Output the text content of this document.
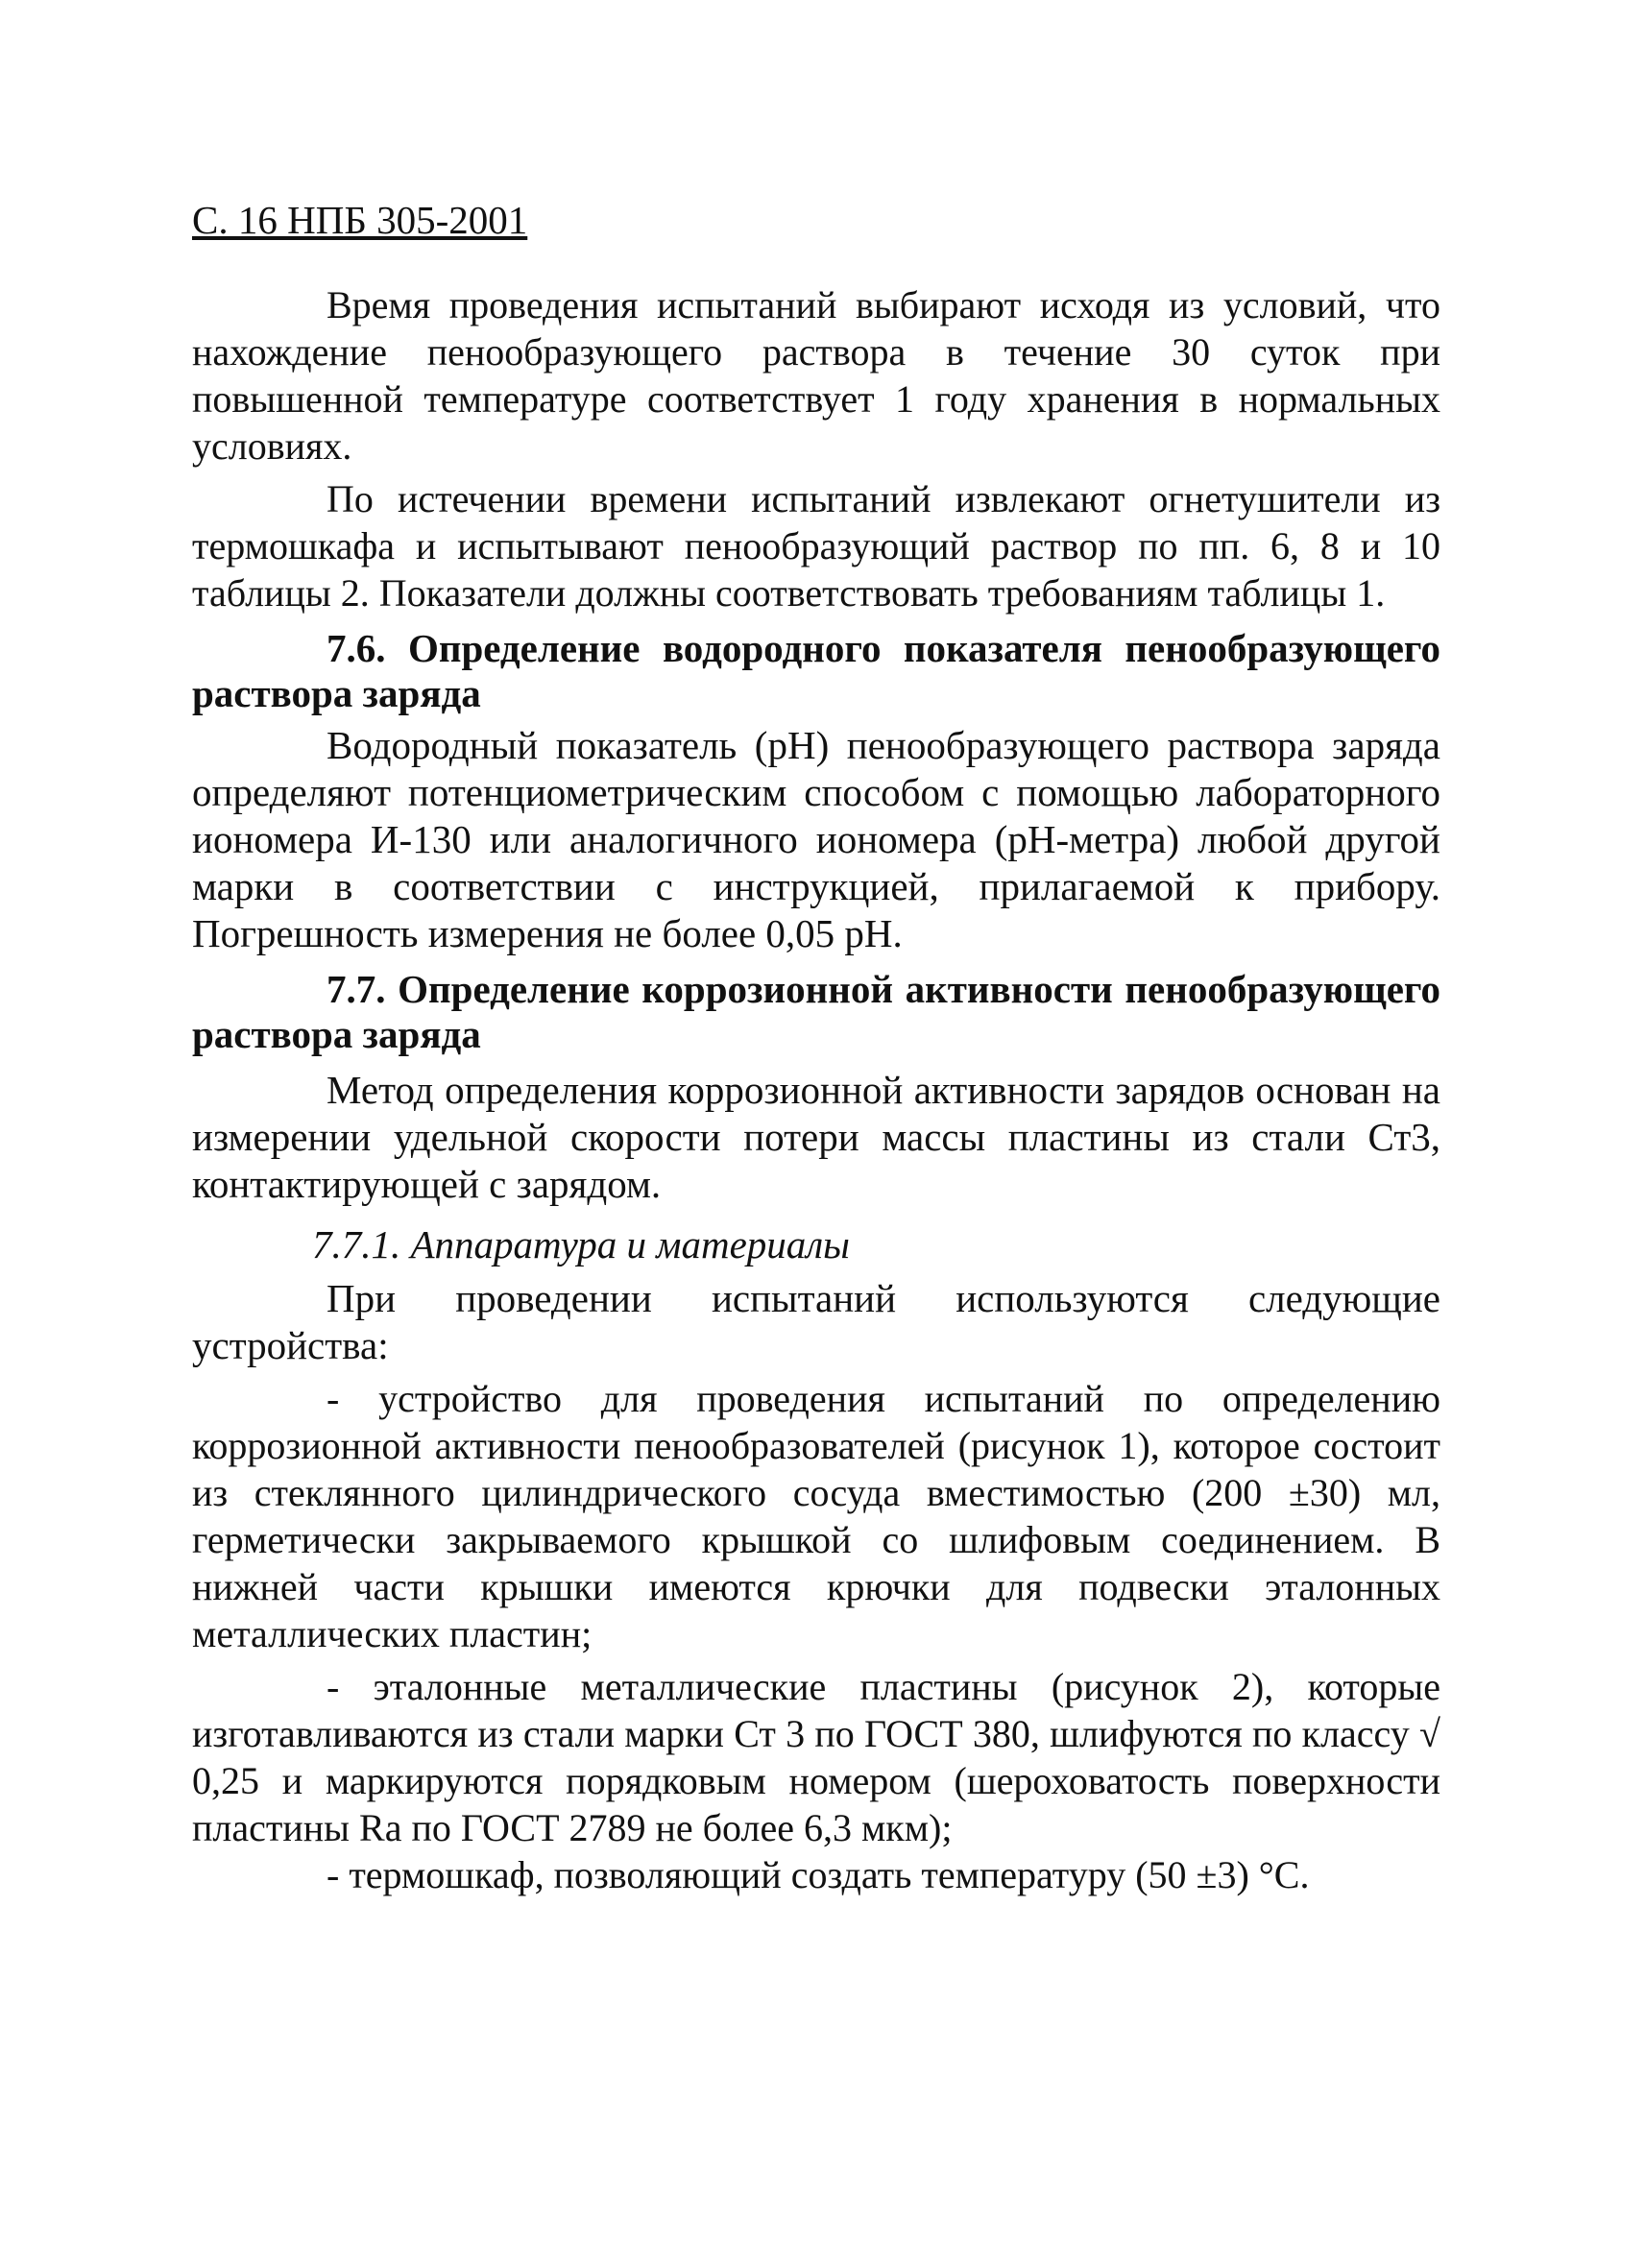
С. 16 НПБ 305-2001

Время проведения испытаний выбирают исходя из условий, что нахождение пенообразующего раствора в течение 30 суток при повышенной температуре соответствует 1 году хранения в нормальных условиях.

По истечении времени испытаний извлекают огнетушители из термошкафа и испытывают пенообразующий раствор по пп. 6, 8 и 10 таблицы 2. Показатели должны соответствовать требованиям таблицы 1.

7.6. Определение водородного показателя пенообразующего раствора заряда

Водородный показатель (рН) пенообразующего раствора заряда определяют потенциометрическим способом с помощью лабораторного иономера И-130 или аналогичного иономера (рН-метра) любой другой марки в соответствии с инструкцией, прилагаемой к прибору. Погрешность измерения не более 0,05 рН.

7.7. Определение коррозионной активности пенообразующего раствора заряда

Метод определения коррозионной активности зарядов основан на измерении удельной скорости потери массы пластины из стали Ст3, контактирующей с зарядом.

7.7.1. Аппаратура и материалы

При проведении испытаний используются следующие устройства:

- устройство для проведения испытаний по определению коррозионной активности пенообразователей (рисунок 1), которое состоит из стеклянного цилиндрического сосуда вместимостью (200 ±30) мл, герметически закрываемого крышкой со шлифовым соединением. В нижней части крышки имеются крючки для подвески эталонных металлических пластин;

- эталонные металлические пластины (рисунок 2), которые изготавливаются из стали марки Ст 3 по ГОСТ 380, шлифуются по классу √ 0,25 и маркируются порядковым номером (шероховатость поверхности пластины Rа по ГОСТ 2789 не более 6,3 мкм);

- термошкаф, позволяющий создать температуру (50 ±3) °С.
